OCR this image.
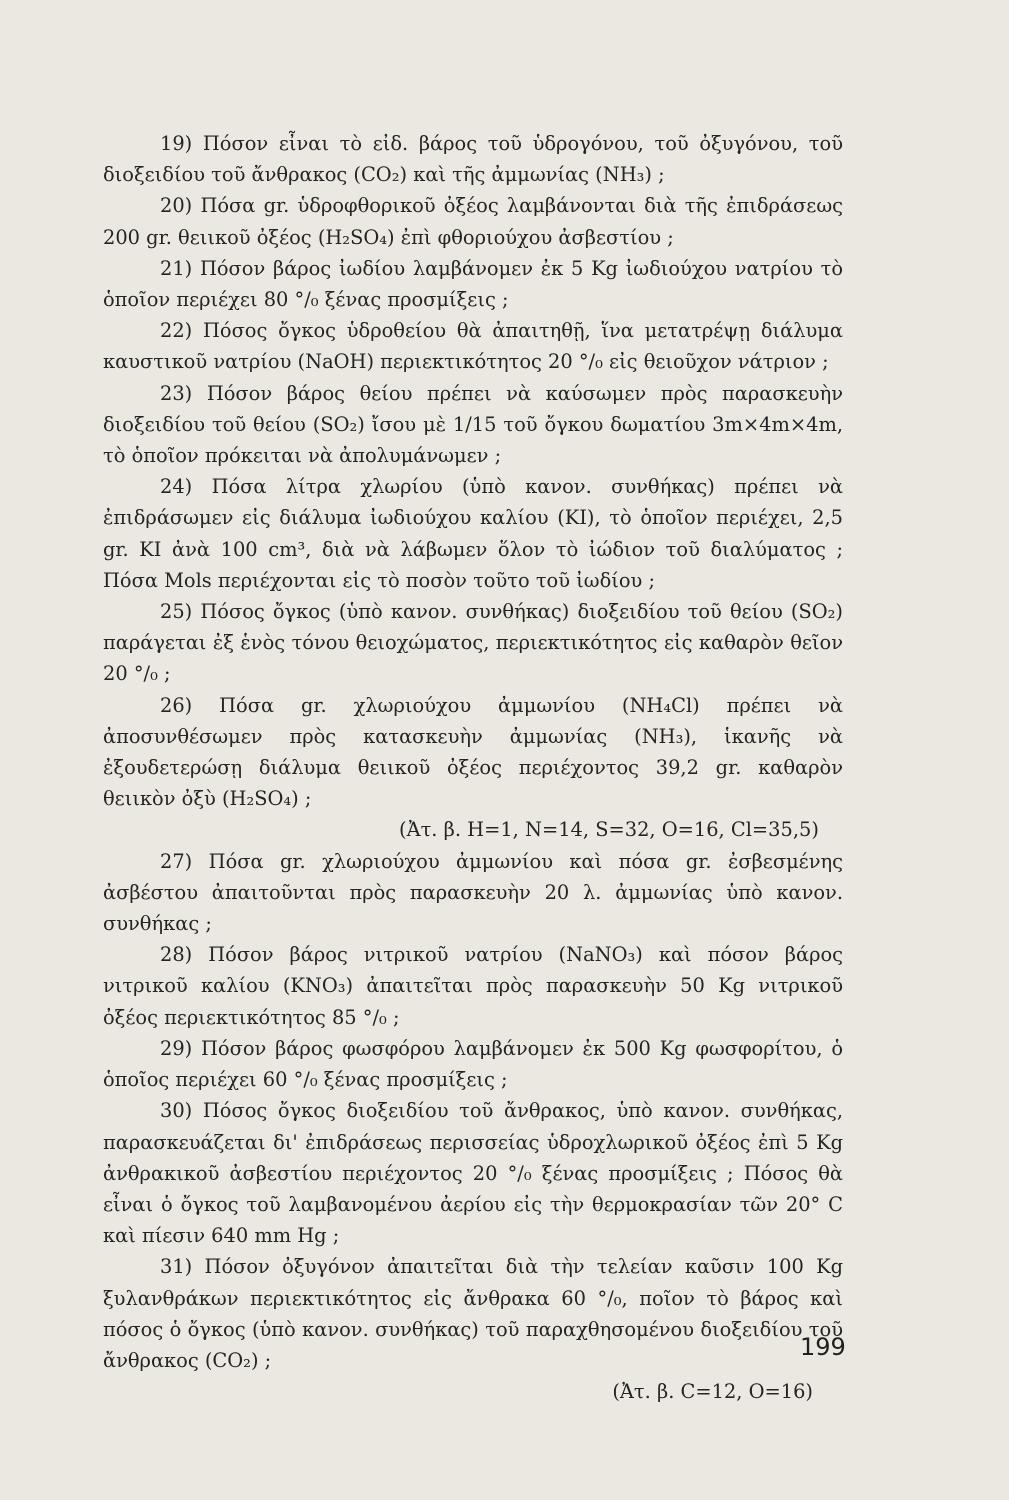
19) Πόσον εἶναι τὸ εἰδ. βάρος τοῦ ὑδρογόνου, τοῦ ὀξυγόνου, τοῦ διοξειδίου τοῦ ἄνθρακος (CO₂) καὶ τῆς ἀμμωνίας (NH₃) ;

20) Πόσα gr. ὑδροφθορικοῦ ὀξέος λαμβάνονται διὰ τῆς ἐπιδράσεως 200 gr. θειικοῦ ὀξέος (H₂SO₄) ἐπὶ φθοριούχου ἀσβεστίου ;

21) Πόσον βάρος ἰωδίου λαμβάνομεν ἐκ 5 Kg ἰωδιούχου νατρίου τὸ ὁποῖον περιέχει 80 °/₀ ξένας προσμίξεις ;

22) Πόσος ὄγκος ὑδροθείου θὰ ἀπαιτηθῇ, ἵνα μετατρέψῃ διάλυμα καυστικοῦ νατρίου (NaOH) περιεκτικότητος 20 °/₀ εἰς θειοῦχον νάτριον ;

23) Πόσον βάρος θείου πρέπει νὰ καύσωμεν πρὸς παρασκευὴν διοξειδίου τοῦ θείου (SO₂) ἴσου μὲ 1/15 τοῦ ὄγκου δωματίου 3m×4m×4m, τὸ ὁποῖον πρόκειται νὰ ἀπολυμάνωμεν ;

24) Πόσα λίτρα χλωρίου (ὑπὸ κανον. συνθήκας) πρέπει νὰ ἐπιδράσωμεν εἰς διάλυμα ἰωδιούχου καλίου (KI), τὸ ὁποῖον περιέχει, 2,5 gr. KI ἀνὰ 100 cm³, διὰ νὰ λάβωμεν ὅλον τὸ ἰώδιον τοῦ διαλύματος ; Πόσα Mols περιέχονται εἰς τὸ ποσὸν τοῦτο τοῦ ἰωδίου ;

25) Πόσος ὄγκος (ὑπὸ κανον. συνθήκας) διοξειδίου τοῦ θείου (SO₂) παράγεται ἐξ ἑνὸς τόνου θειοχώματος, περιεκτικότητος εἰς καθαρὸν θεῖον 20 °/₀ ;

26) Πόσα gr. χλωριούχου ἀμμωνίου (NH₄Cl) πρέπει νὰ ἀποσυνθέσωμεν πρὸς κατασκευὴν ἀμμωνίας (NH₃), ἱκανῆς νὰ ἐξουδετερώσῃ διάλυμα θειικοῦ ὀξέος περιέχοντος 39,2 gr. καθαρὸν θειικὸν ὀξὺ (H₂SO₄) ;

(Ἀτ. β. H=1, N=14, S=32, O=16, Cl=35,5)

27) Πόσα gr. χλωριούχου ἀμμωνίου καὶ πόσα gr. ἐσβεσμένης ἀσβέστου ἀπαιτοῦνται πρὸς παρασκευὴν 20 λ. ἀμμωνίας ὑπὸ κανον. συνθήκας ;

28) Πόσον βάρος νιτρικοῦ νατρίου (NaNO₃) καὶ πόσον βάρος νιτρικοῦ καλίου (KNO₃) ἀπαιτεῖται πρὸς παρασκευὴν 50 Kg νιτρικοῦ ὀξέος περιεκτικότητος 85 °/₀ ;

29) Πόσον βάρος φωσφόρου λαμβάνομεν ἐκ 500 Kg φωσφορίτου, ὁ ὁποῖος περιέχει 60 °/₀ ξένας προσμίξεις ;

30) Πόσος ὄγκος διοξειδίου τοῦ ἄνθρακος, ὑπὸ κανον. συνθήκας, παρασκευάζεται δι' ἐπιδράσεως περισσείας ὑδροχλωρικοῦ ὀξέος ἐπὶ 5 Kg ἀνθρακικοῦ ἀσβεστίου περιέχοντος 20 °/₀ ξένας προσμίξεις ; Πόσος θὰ εἶναι ὁ ὄγκος τοῦ λαμβανομένου ἀερίου εἰς τὴν θερμοκρασίαν τῶν 20° C καὶ πίεσιν 640 mm Hg ;

31) Πόσον ὀξυγόνον ἀπαιτεῖται διὰ τὴν τελείαν καῦσιν 100 Kg ξυλανθράκων περιεκτικότητος εἰς ἄνθρακα 60 °/₀, ποῖον τὸ βάρος καὶ πόσος ὁ ὄγκος (ὑπὸ κανον. συνθήκας) τοῦ παραχθησομένου διοξειδίου τοῦ ἄνθρακος (CO₂) ;

(Ἀτ. β. C=12, O=16)

199
